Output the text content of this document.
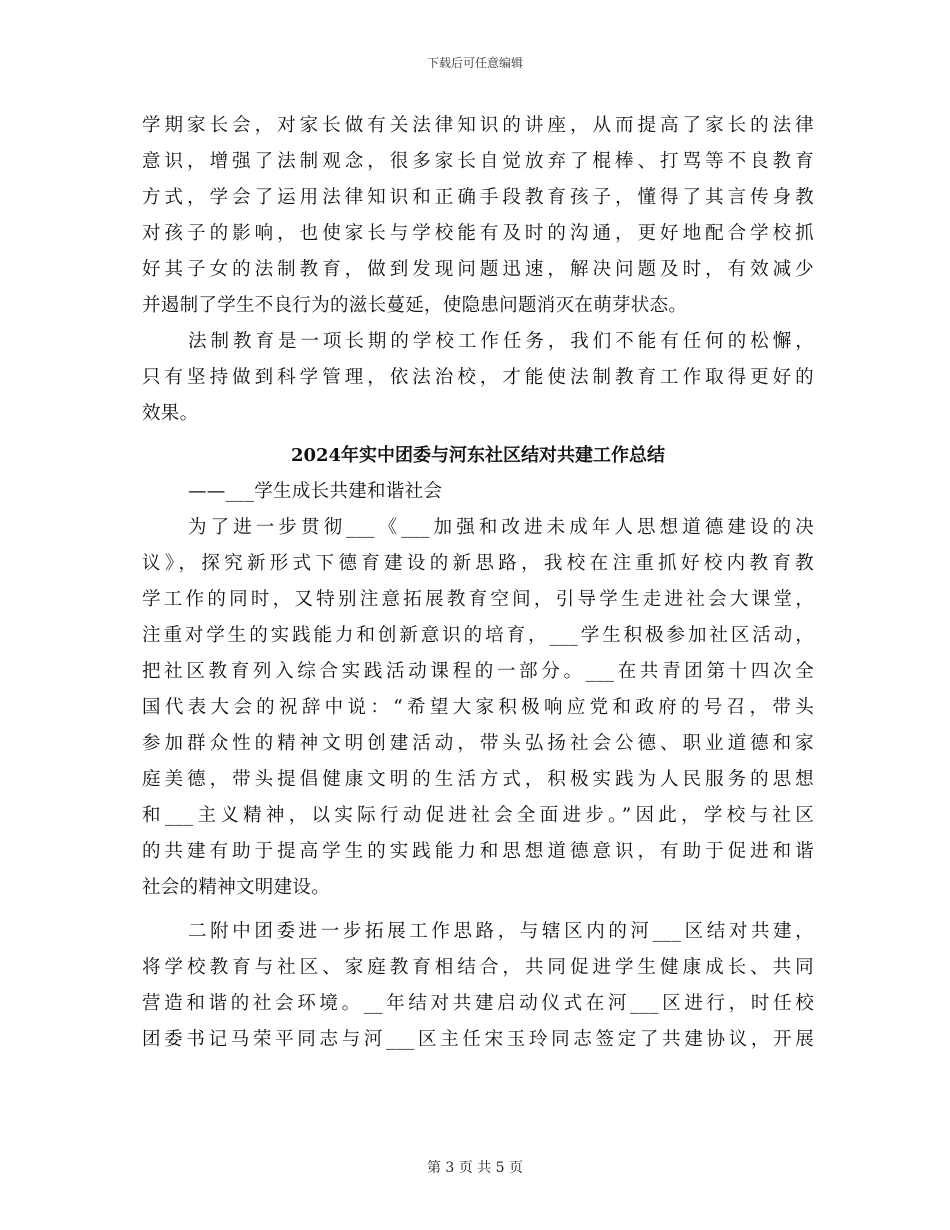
下载后可任意编辑
学期家长会，对家长做有关法律知识的讲座，从而提高了家长的法律
意识，增强了法制观念，很多家长自觉放弃了棍棒、打骂等不良教育
方式，学会了运用法律知识和正确手段教育孩子，懂得了其言传身教
对孩子的影响，也使家长与学校能有及时的沟通，更好地配合学校抓
好其子女的法制教育，做到发现问题迅速，解决问题及时，有效减少
并遏制了学生不良行为的滋长蔓延，使隐患问题消灭在萌芽状态。
法制教育是一项长期的学校工作任务，我们不能有任何的松懈，
只有坚持做到科学管理，依法治校，才能使法制教育工作取得更好的
效果。
2024年实中团委与河东社区结对共建工作总结
——___学生成长共建和谐社会
为了进一步贯彻___《___加强和改进未成年人思想道德建设的决
议》，探究新形式下德育建设的新思路，我校在注重抓好校内教育教
学工作的同时，又特别注意拓展教育空间，引导学生走进社会大课堂，
注重对学生的实践能力和创新意识的培育，___学生积极参加社区活动，
把社区教育列入综合实践活动课程的一部分。___在共青团第十四次全
国代表大会的祝辞中说：“希望大家积极响应党和政府的号召，带头
参加群众性的精神文明创建活动，带头弘扬社会公德、职业道德和家
庭美德，带头提倡健康文明的生活方式，积极实践为人民服务的思想
和___主义精神，以实际行动促进社会全面进步。”因此，学校与社区
的共建有助于提高学生的实践能力和思想道德意识，有助于促进和谐
社会的精神文明建设。
二附中团委进一步拓展工作思路，与辖区内的河___区结对共建，
将学校教育与社区、家庭教育相结合，共同促进学生健康成长、共同
营造和谐的社会环境。__年结对共建启动仪式在河___区进行，时任校
团委书记马荣平同志与河___区主任宋玉玲同志签定了共建协议，开展
第 3 页 共 5 页
